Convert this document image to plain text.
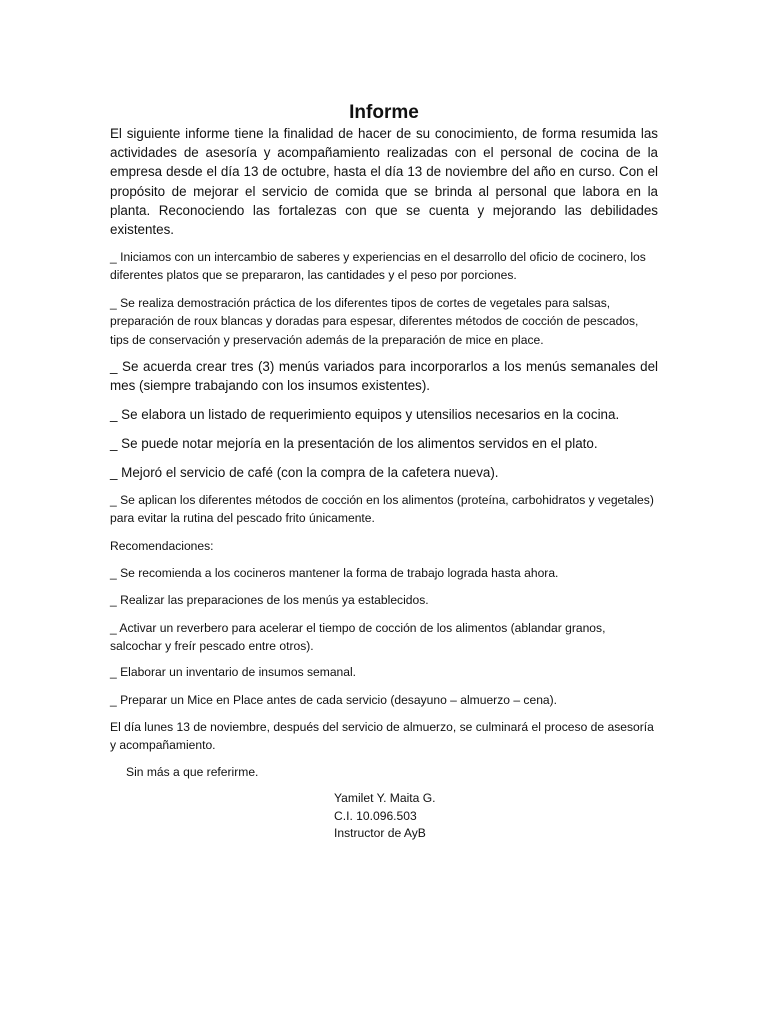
Informe

El siguiente informe tiene la finalidad de hacer de su conocimiento, de forma resumida las actividades de asesoría y acompañamiento realizadas con el personal de cocina de la empresa desde el día 13 de octubre, hasta el día 13 de noviembre del año en curso. Con el propósito de mejorar el servicio de comida que se brinda al personal que labora en la planta. Reconociendo las fortalezas con que se cuenta y mejorando las debilidades existentes.

_ Iniciamos con un intercambio de saberes y experiencias en el desarrollo del oficio de cocinero, los diferentes platos que se prepararon, las cantidades y el peso por porciones.

_ Se realiza demostración práctica de los diferentes tipos de cortes de vegetales para salsas, preparación de roux blancas y doradas para espesar, diferentes métodos de cocción de pescados, tips de conservación y preservación además de la preparación de mice en place.

_ Se acuerda crear tres (3) menús variados para incorporarlos a los menús semanales del mes (siempre trabajando con los insumos existentes).

_ Se elabora un listado de requerimiento equipos y utensilios necesarios en la cocina.

_ Se puede notar mejoría en la presentación de los alimentos servidos en el plato.

_ Mejoró el servicio de café (con la compra de la cafetera nueva).

_ Se aplican los diferentes métodos de cocción en los alimentos (proteína, carbohidratos y vegetales) para evitar la rutina del pescado frito únicamente.

Recomendaciones:

_ Se recomienda a los cocineros mantener la forma de trabajo lograda hasta ahora.

_ Realizar las preparaciones de los menús ya establecidos.

_ Activar un reverbero para acelerar el tiempo de cocción de los alimentos (ablandar granos, salcochar y freír pescado entre otros).

_ Elaborar un inventario de insumos semanal.

_ Preparar un Mice en Place antes de cada servicio (desayuno – almuerzo – cena).

El día lunes 13 de noviembre, después del servicio de almuerzo, se culminará el proceso de asesoría y acompañamiento.

Sin más a que referirme.

Yamilet Y. Maita G.
C.I. 10.096.503
Instructor de AyB
